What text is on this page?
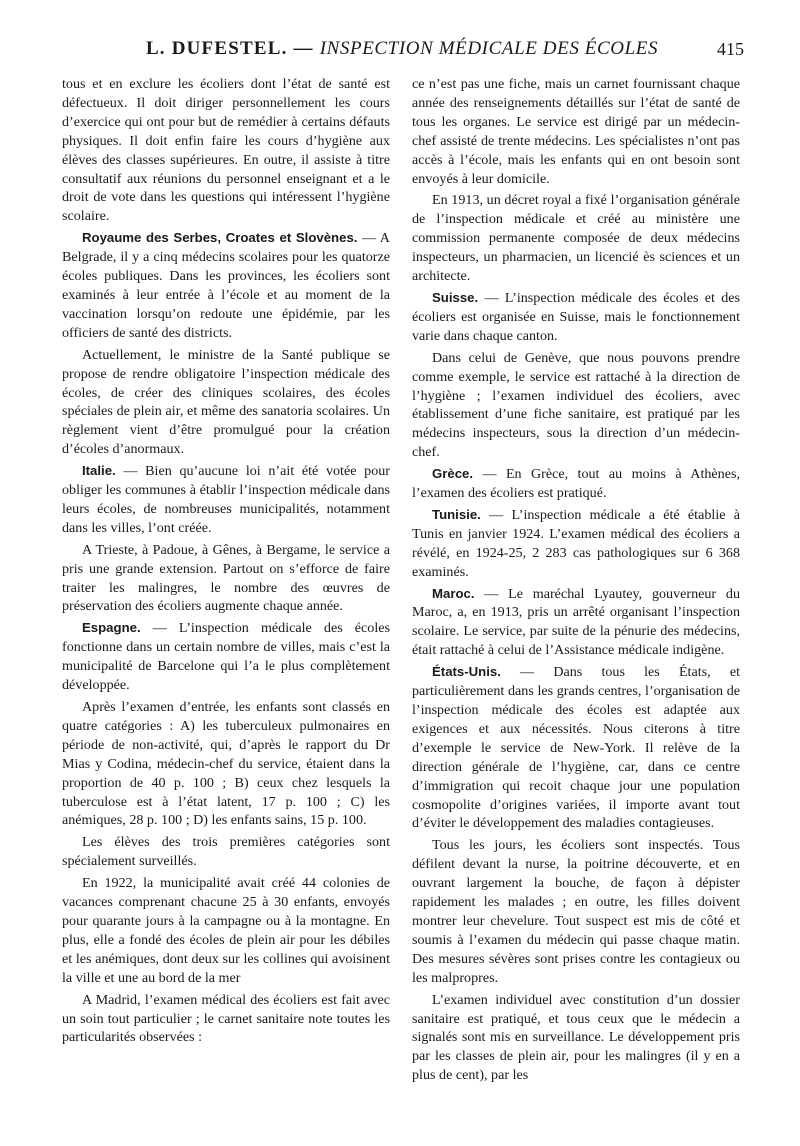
L. DUFESTEL. — INSPECTION MÉDICALE DES ÉCOLES	415

tous et en exclure les écoliers dont l’état de santé est défectueux. Il doit diriger personnellement les cours d’exercice qui ont pour but de remédier à certains défauts physiques. Il doit enfin faire les cours d’hygiène aux élèves des classes supérieures. En outre, il assiste à titre consultatif aux réunions du personnel enseignant et a le droit de vote dans les questions qui intéressent l’hygiène scolaire.

Royaume des Serbes, Croates et Slovènes. — A Belgrade, il y a cinq médecins scolaires pour les quatorze écoles publiques. Dans les provinces, les écoliers sont examinés à leur entrée à l’école et au moment de la vaccination lorsqu’on redoute une épidémie, par les officiers de santé des districts.

Actuellement, le ministre de la Santé publique se propose de rendre obligatoire l’inspection médicale des écoles, de créer des cliniques scolaires, des écoles spéciales de plein air, et même des sanatoria scolaires. Un règlement vient d’être promulgué pour la création d’écoles d’anormaux.

Italie. — Bien qu’aucune loi n’ait été votée pour obliger les communes à établir l’inspection médicale dans leurs écoles, de nombreuses municipalités, notamment dans les villes, l’ont créée.

A Trieste, à Padoue, à Gênes, à Bergame, le service a pris une grande extension. Partout on s’efforce de faire traiter les malingres, le nombre des œuvres de préservation des écoliers augmente chaque année.

Espagne. — L’inspection médicale des écoles fonctionne dans un certain nombre de villes, mais c’est la municipalité de Barcelone qui l’a le plus complètement développée.

Après l’examen d’entrée, les enfants sont classés en quatre catégories : A) les tuberculeux pulmonaires en période de non-activité, qui, d’après le rapport du Dr Mias y Codina, médecin-chef du service, étaient dans la proportion de 40 p. 100 ; B) ceux chez lesquels la tuberculose est à l’état latent, 17 p. 100 ; C) les anémiques, 28 p. 100 ; D) les enfants sains, 15 p. 100.

Les élèves des trois premières catégories sont spécialement surveillés.

En 1922, la municipalité avait créé 44 colonies de vacances comprenant chacune 25 à 30 enfants, envoyés pour quarante jours à la campagne ou à la montagne. En plus, elle a fondé des écoles de plein air pour les débiles et les anémiques, dont deux sur les collines qui avoisinent la ville et une au bord de la mer

A Madrid, l’examen médical des écoliers est fait avec un soin tout particulier ; le carnet sanitaire note toutes les particularités observées :

ce n’est pas une fiche, mais un carnet fournissant chaque année des renseignements détaillés sur l’état de santé de tous les organes. Le service est dirigé par un médecin-chef assisté de trente médecins. Les spécialistes n’ont pas accès à l’école, mais les enfants qui en ont besoin sont envoyés à leur domicile.

En 1913, un décret royal a fixé l’organisation générale de l’inspection médicale et créé au ministère une commission permanente composée de deux médecins inspecteurs, un pharmacien, un licencié ès sciences et un architecte.

Suisse. — L’inspection médicale des écoles et des écoliers est organisée en Suisse, mais le fonctionnement varie dans chaque canton.

Dans celui de Genève, que nous pouvons prendre comme exemple, le service est rattaché à la direction de l’hygiène ; l’examen individuel des écoliers, avec établissement d’une fiche sanitaire, est pratiqué par les médecins inspecteurs, sous la direction d’un médecin-chef.

Grèce. — En Grèce, tout au moins à Athènes, l’examen des écoliers est pratiqué.

Tunisie. — L’inspection médicale a été établie à Tunis en janvier 1924. L’examen médical des écoliers a révélé, en 1924-25, 2 283 cas pathologiques sur 6 368 examinés.

Maroc. — Le maréchal Lyautey, gouverneur du Maroc, a, en 1913, pris un arrêté organisant l’inspection scolaire. Le service, par suite de la pénurie des médecins, était rattaché à celui de l’Assistance médicale indigène.

États-Unis. — Dans tous les États, et particulièrement dans les grands centres, l’organisation de l’inspection médicale des écoles est adaptée aux exigences et aux nécessités. Nous citerons à titre d’exemple le service de New-York. Il relève de la direction générale de l’hygiène, car, dans ce centre d’immigration qui recoit chaque jour une population cosmopolite d’origines variées, il importe avant tout d’éviter le développement des maladies contagieuses.

Tous les jours, les écoliers sont inspectés. Tous défilent devant la nurse, la poitrine découverte, et en ouvrant largement la bouche, de façon à dépister rapidement les malades ; en outre, les filles doivent montrer leur chevelure. Tout suspect est mis de côté et soumis à l’examen du médecin qui passe chaque matin. Des mesures sévères sont prises contre les contagieux ou les malpropres.

L’examen individuel avec constitution d’un dossier sanitaire est pratiqué, et tous ceux que le médecin a signalés sont mis en surveillance. Le développement pris par les classes de plein air, pour les malingres (il y en a plus de cent), par les
